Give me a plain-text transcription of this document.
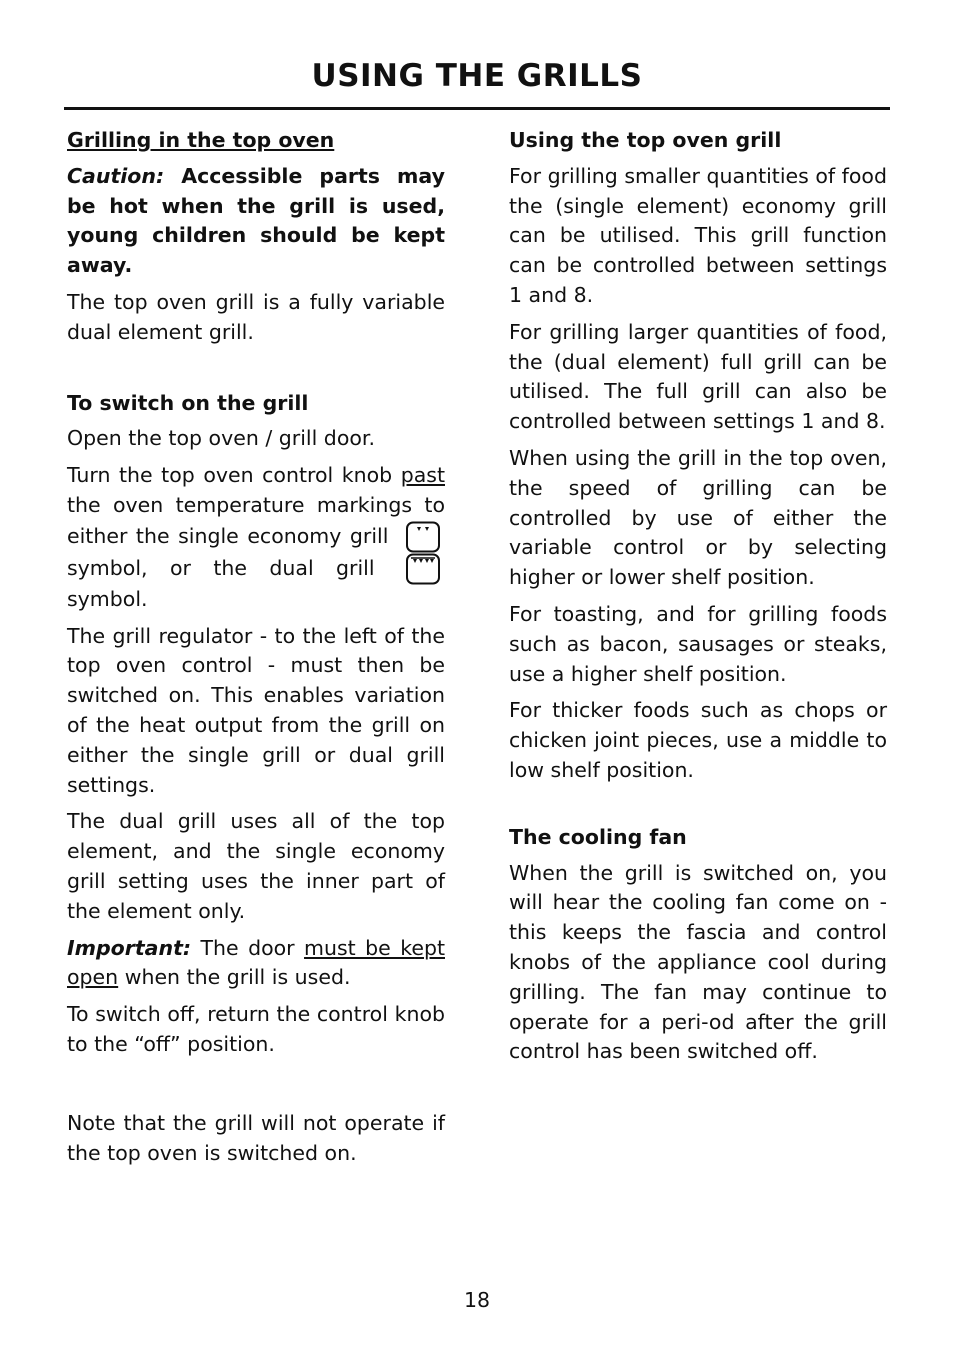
USING THE GRILLS
Grilling in the top oven

Caution: Accessible parts may be hot when the grill is used, young children should be kept away.

The top oven grill is a fully variable dual element grill.

To switch on the grill

Open the top oven / grill door.

Turn the top oven control knob past the oven temperature markings to either the single economy grill  symbol, or the dual grill  symbol.

The grill regulator - to the left of the top oven control - must then be switched on. This enables variation of the heat output from the grill on either the single grill or dual grill settings.

The dual grill uses all of the top element, and the single economy grill setting uses the inner part of the element only.

Important: The door must be kept open when the grill is used.

To switch off, return the control knob to the “off” position.

Note that the grill will not operate if the top oven is switched on.

Using the top oven grill

For grilling smaller quantities of food the (single element) economy grill can be utilised. This grill function can be controlled between settings 1 and 8.

For grilling larger quantities of food, the (dual element) full grill can be utilised. The full grill can also be controlled between settings 1 and 8.

When using the grill in the top oven, the speed of grilling can be controlled by use of either the variable control or by selecting higher or lower shelf position.

For toasting, and for grilling foods such as bacon, sausages or steaks, use a higher shelf position.

For thicker foods such as chops or chicken joint pieces, use a middle to low shelf position.

The cooling fan

When the grill is switched on, you will hear the cooling fan come on - this keeps the fascia and control knobs of the appliance cool during grilling. The fan may continue to operate for a peri-od after the grill control has been switched off.

18
